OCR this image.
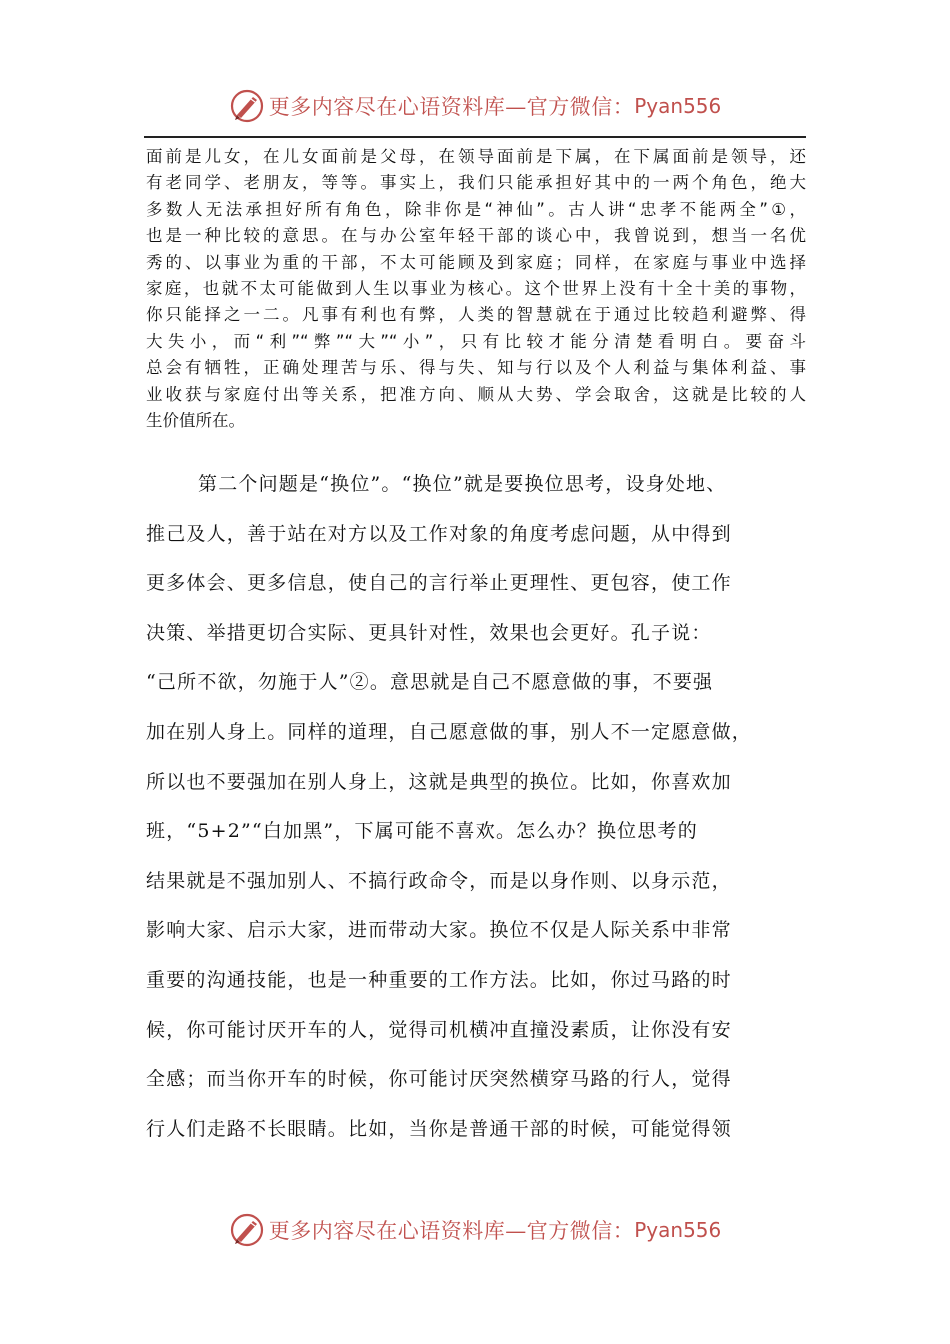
更多内容尽在心语资料库—官方微信： Pyan556
面前是儿女，在儿女面前是父母，在领导面前是下属，在下属面前是领导，还
有老同学、老朋友，等等。事实上，我们只能承担好其中的一两个角色，绝大
多数人无法承担好所有角色，除非你是“神仙”。古人讲“忠孝不能两全”①，
也是一种比较的意思。在与办公室年轻干部的谈心中，我曾说到，想当一名优
秀的、以事业为重的干部，不太可能顾及到家庭；同样，在家庭与事业中选择
家庭，也就不太可能做到人生以事业为核心。这个世界上没有十全十美的事物，
你只能择之一二。凡事有利也有弊，人类的智慧就在于通过比较趋利避弊、得
大失小，而“利”“弊”“大”“小”，只有比较才能分清楚看明白。要奋斗
总会有牺牲，正确处理苦与乐、得与失、知与行以及个人利益与集体利益、事
业收获与家庭付出等关系，把准方向、顺从大势、学会取舍，这就是比较的人
生价值所在。
第二个问题是“换位”。“换位”就是要换位思考，设身处地、
推己及人，善于站在对方以及工作对象的角度考虑问题，从中得到
更多体会、更多信息，使自己的言行举止更理性、更包容，使工作
决策、举措更切合实际、更具针对性，效果也会更好。孔子说：
“己所不欲，勿施于人”②。意思就是自己不愿意做的事，不要强
加在别人身上。同样的道理，自己愿意做的事，别人不一定愿意做，
所以也不要强加在别人身上，这就是典型的换位。比如，你喜欢加
班，“5+2”“白加黑”，下属可能不喜欢。怎么办？换位思考的
结果就是不强加别人、不搞行政命令，而是以身作则、以身示范，
影响大家、启示大家，进而带动大家。换位不仅是人际关系中非常
重要的沟通技能，也是一种重要的工作方法。比如，你过马路的时
候，你可能讨厌开车的人，觉得司机横冲直撞没素质，让你没有安
全感；而当你开车的时候，你可能讨厌突然横穿马路的行人，觉得
行人们走路不长眼睛。比如，当你是普通干部的时候，可能觉得领
更多内容尽在心语资料库—官方微信： Pyan556
